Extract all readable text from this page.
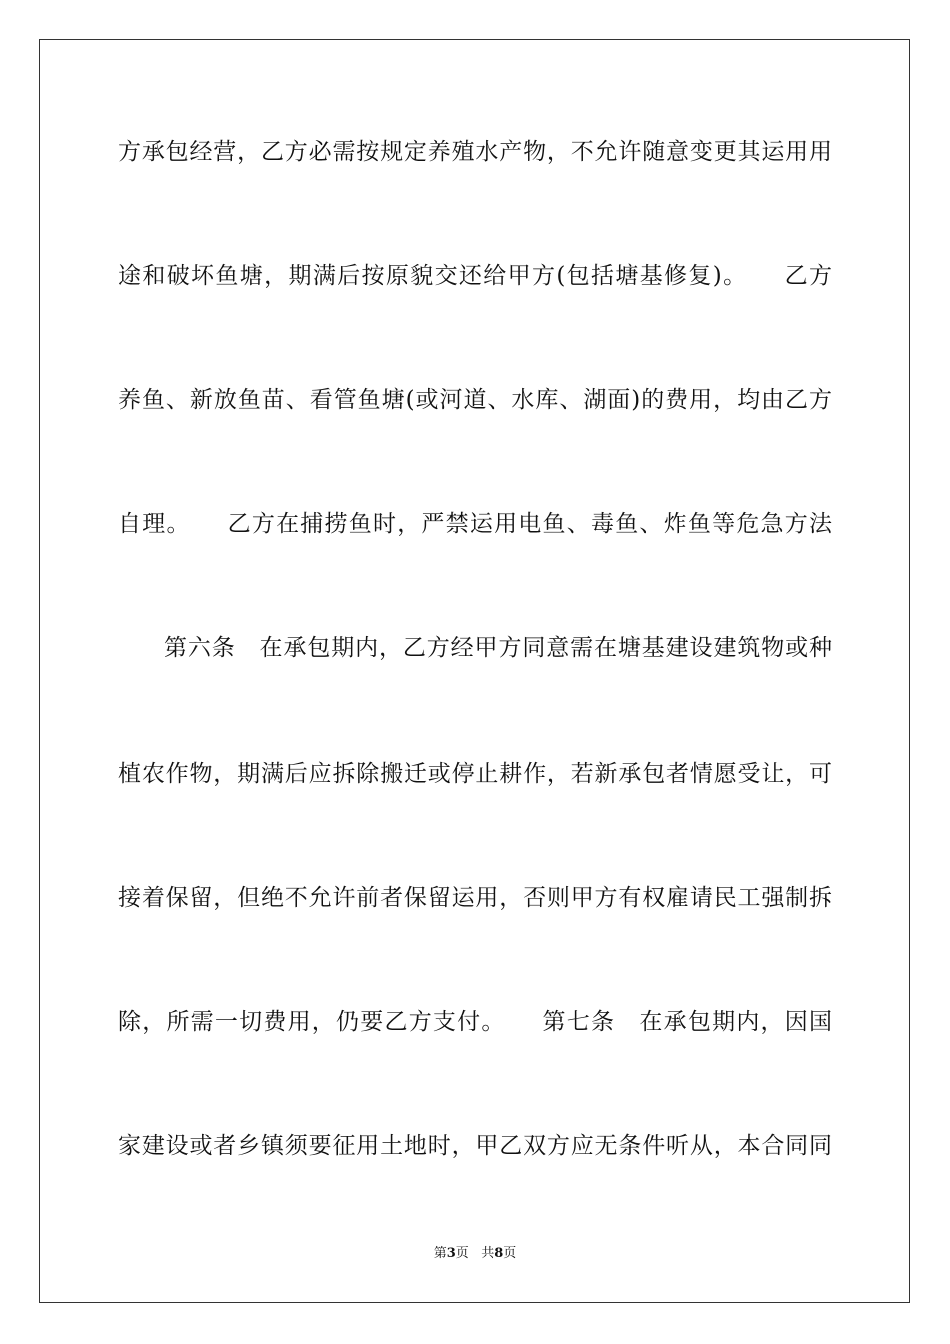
方承包经营，乙方必需按规定养殖水产物，不允许随意变更其运用用
途和破坏鱼塘，期满后按原貌交还给甲方(包括塘基修复)。　　乙方
养鱼、新放鱼苗、看管鱼塘(或河道、水库、湖面)的费用，均由乙方
自理。　　乙方在捕捞鱼时，严禁运用电鱼、毒鱼、炸鱼等危急方法
第六条　在承包期内，乙方经甲方同意需在塘基建设建筑物或种
植农作物，期满后应拆除搬迁或停止耕作，若新承包者情愿受让，可
接着保留，但绝不允许前者保留运用，否则甲方有权雇请民工强制拆
除，所需一切费用，仍要乙方支付。　　第七条　在承包期内，因国
家建设或者乡镇须要征用土地时，甲乙双方应无条件听从，本合同同
第3页 共8页
